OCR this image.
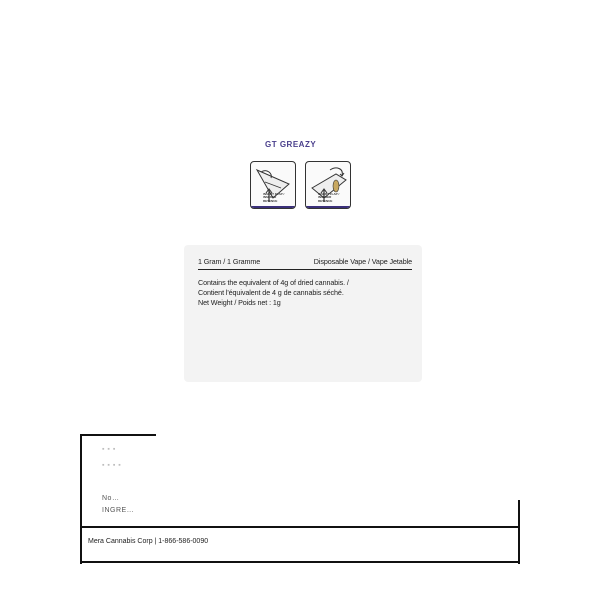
GT GREAZY
INSERT FLAP / INSÉRER RETENUE
INSERT FLAP / INSÉRER RETENUE
1 Gram / 1 Gramme	Disposable Vape / Vape Jetable
Contains the equivalent of 4g of dried cannabis. /
Contient l'équivalent de 4 g de cannabis séché.
Net Weight / Poids net : 1g
▪ ▪ ▪
▪ ▪ ▪ ▪
No…
INGRE…
Mera Cannabis Corp | 1-866-586-0090
